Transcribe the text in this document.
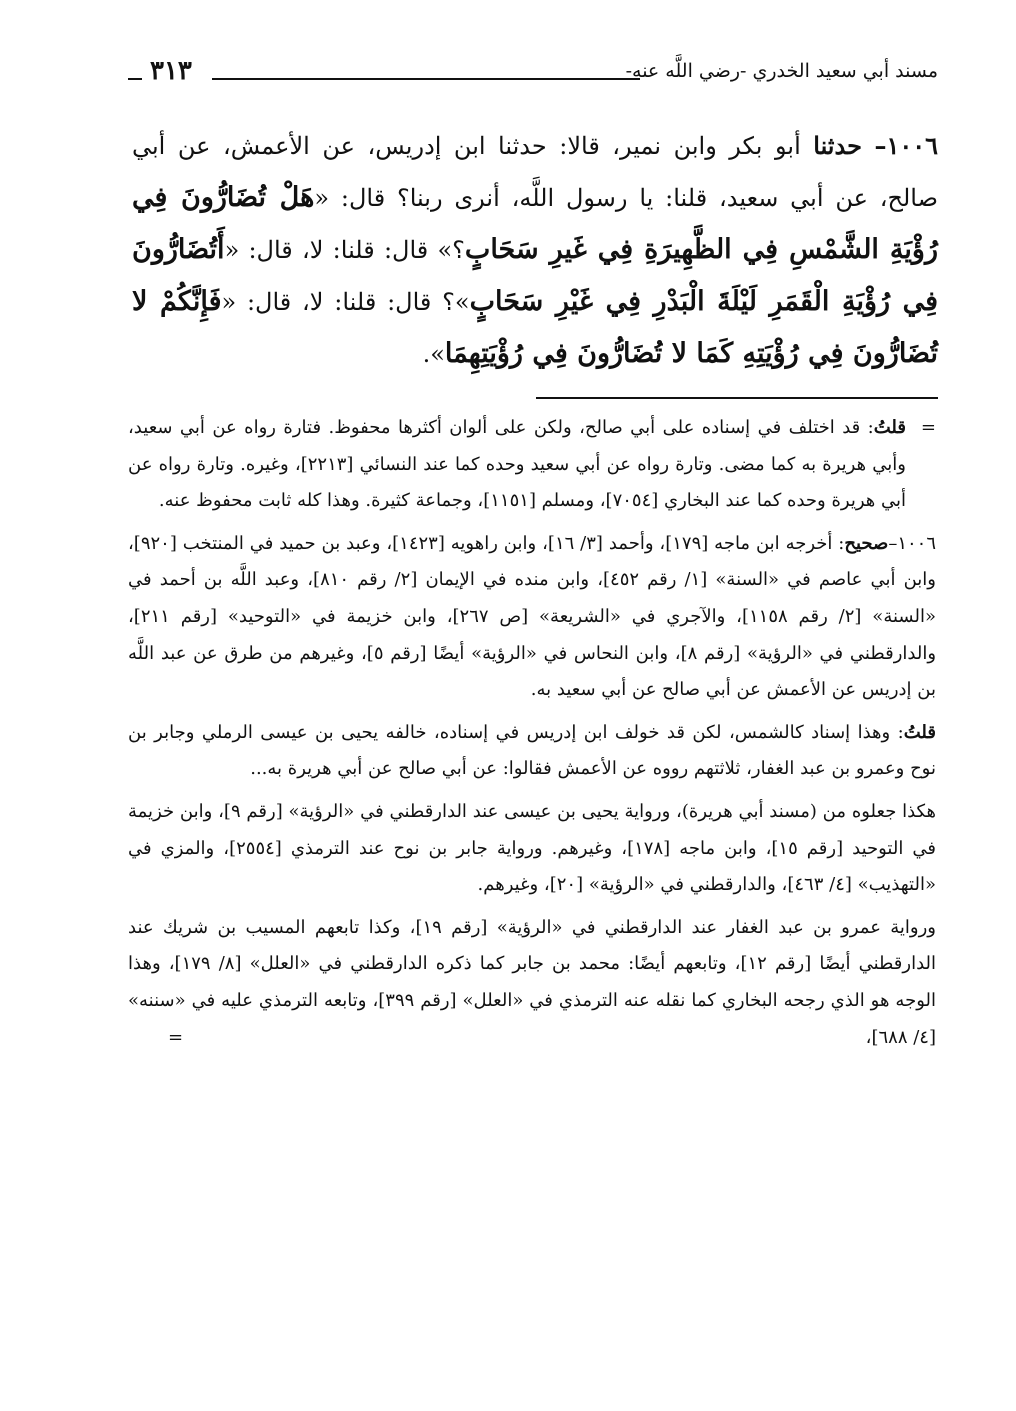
مسند أبي سعيد الخدري -رضي اللَّه عنه-
٣١٣
١٠٠٦– حدثنا أبو بكر وابن نمير، قالا: حدثنا ابن إدريس، عن الأعمش، عن أبي صالح، عن أبي سعيد، قلنا: يا رسول اللَّه، أنرى ربنا؟ قال: «هَلْ تُضَارُّونَ فِي رُؤْيَةِ الشَّمْسِ فِي الظَّهِيرَةِ فِي غَيرِ سَحَابٍ؟» قال: قلنا: لا، قال: «أَتُضَارُّونَ فِي رُؤْيَةِ الْقَمَرِ لَيْلَةَ الْبَدْرِ فِي غَيْرِ سَحَابٍ»؟ قال: قلنا: لا، قال: «فَإِنَّكُمْ لا تُضَارُّونَ فِي رُؤْيَتِهِ كَمَا لا تُضَارُّونَ فِي رُؤْيَتِهِمَا».
=
قلتُ: قد اختلف في إسناده على أبي صالح، ولكن على ألوان أكثرها محفوظ. فتارة رواه عن أبي سعيد، وأبي هريرة به كما مضى. وتارة رواه عن أبي سعيد وحده كما عند النسائي [٢٢١٣]، وغيره. وتارة رواه عن أبي هريرة وحده كما عند البخاري [٧٠٥٤]، ومسلم [١١٥١]، وجماعة كثيرة. وهذا كله ثابت محفوظ عنه.
١٠٠٦–صحيح: أخرجه ابن ماجه [١٧٩]، وأحمد [٣/ ١٦]، وابن راهويه [١٤٢٣]، وعبد بن حميد في المنتخب [٩٢٠]، وابن أبي عاصم في «السنة» [١/ رقم ٤٥٢]، وابن منده في الإيمان [٢/ رقم ٨١٠]، وعبد اللَّه بن أحمد في «السنة» [٢/ رقم ١١٥٨]، والآجري في «الشريعة» [ص ٢٦٧]، وابن خزيمة في «التوحيد» [رقم ٢١١]، والدارقطني في «الرؤية» [رقم ٨]، وابن النحاس في «الرؤية» أيضًا [رقم ٥]، وغيرهم من طرق عن عبد اللَّه بن إدريس عن الأعمش عن أبي صالح عن أبي سعيد به.
قلتُ: وهذا إسناد كالشمس، لكن قد خولف ابن إدريس في إسناده، خالفه يحيى بن عيسى الرملي وجابر بن نوح وعمرو بن عبد الغفار، ثلاثتهم رووه عن الأعمش فقالوا: عن أبي صالح عن أبي هريرة به...
هكذا جعلوه من (مسند أبي هريرة)، ورواية يحيى بن عيسى عند الدارقطني في «الرؤية» [رقم ٩]، وابن خزيمة في التوحيد [رقم ١٥]، وابن ماجه [١٧٨]، وغيرهم. ورواية جابر بن نوح عند الترمذي [٢٥٥٤]، والمزي في «التهذيب» [٤/ ٤٦٣]، والدارقطني في «الرؤية» [٢٠]، وغيرهم.
ورواية عمرو بن عبد الغفار عند الدارقطني في «الرؤية» [رقم ١٩]، وكذا تابعهم المسيب بن شريك عند الدارقطني أيضًا [رقم ١٢]، وتابعهم أيضًا: محمد بن جابر كما ذكره الدارقطني في «العلل» [٨/ ١٧٩]، وهذا الوجه هو الذي رجحه البخاري كما نقله عنه الترمذي في «العلل» [رقم ٣٩٩]، وتابعه الترمذي عليه في «سننه» [٤/ ٦٨٨]،
=
